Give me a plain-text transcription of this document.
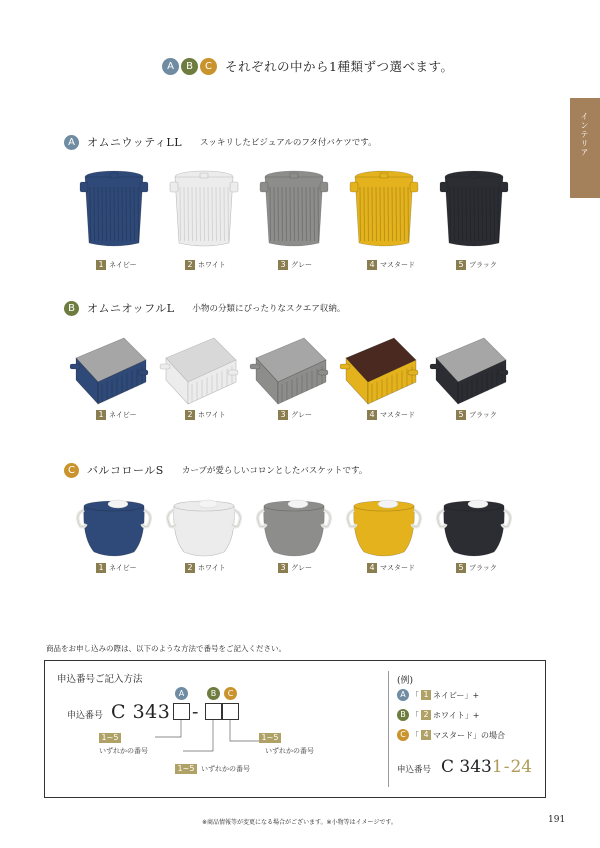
A	B	C	それぞれの中から1種類ずつ選べます。
インテリア
A	オムニウッティLL スッキリしたビジュアルのフタ付バケツです。
B	オムニオッフルL 小物の分類にぴったりなスクエア収納。
C	バルコロールS カーブが愛らしいコロンとしたバスケットです。
1 ネイビー	2 ホワイト	3 グレー	4 マスタード	5 ブラック
1 ネイビー	2 ホワイト	3 グレー	4 マスタード	5 ブラック
1 ネイビー	2 ホワイト	3 グレー	4 マスタード	5 ブラック
商品をお申し込みの際は、以下のような方法で番号をご記入ください。
申込番号ご記入方法
A	B	C
申込番号 C 343 -
1~5
いずれかの番号
1~5
いずれかの番号
1~5 いずれかの番号
(例)
A 「 1 ネイビー」+
B 「 2 ホワイト」+
C 「 4 マスタード」の場合
申込番号 C 343 1 - 24
※商品情報等が変更になる場合がございます。※小物等はイメージです。	191
